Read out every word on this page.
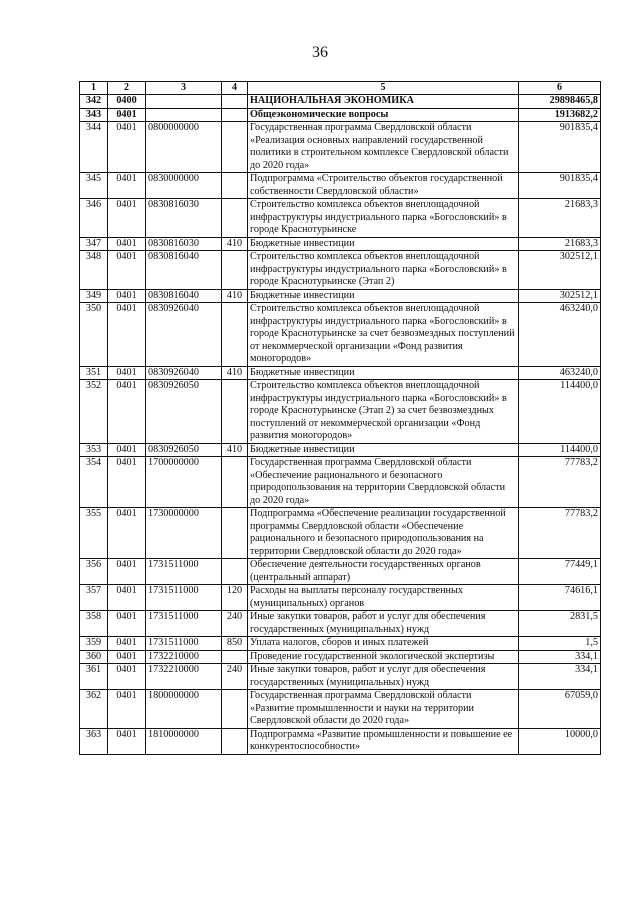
36
1	2	3	4	5	6
342	0400			НАЦИОНАЛЬНАЯ ЭКОНОМИКА	29898465,8
343	0401			Общеэкономические вопросы	1913682,2
344	0401	0800000000		Государственная программа Свердловской области «Реализация основных направлений государственной политики в строительном комплексе Свердловской области до 2020 года»	901835,4
345	0401	0830000000		Подпрограмма «Строительство объектов государственной собственности Свердловской области»	901835,4
346	0401	0830816030		Строительство комплекса объектов внеплощадочной инфраструктуры индустриального парка «Богословский» в городе Краснотурьинске	21683,3
347	0401	0830816030	410	Бюджетные инвестиции	21683,3
348	0401	0830816040		Строительство комплекса объектов внеплощадочной инфраструктуры индустриального парка «Богословский» в городе Краснотурьинске (Этап 2)	302512,1
349	0401	0830816040	410	Бюджетные инвестиции	302512,1
350	0401	0830926040		Строительство комплекса объектов внеплощадочной инфраструктуры индустриального парка «Богословский» в городе Краснотурьинске за счет безвозмездных поступлений от некоммерческой организации «Фонд развития моногородов»	463240,0
351	0401	0830926040	410	Бюджетные инвестиции	463240,0
352	0401	0830926050		Строительство комплекса объектов внеплощадочной инфраструктуры индустриального парка «Богословский» в городе Краснотурьинске (Этап 2) за счет безвозмездных поступлений от некоммерческой организации «Фонд развития моногородов»	114400,0
353	0401	0830926050	410	Бюджетные инвестиции	114400,0
354	0401	1700000000		Государственная программа Свердловской области «Обеспечение рационального и безопасного природопользования на территории Свердловской области до 2020 года»	77783,2
355	0401	1730000000		Подпрограмма «Обеспечение реализации государственной программы Свердловской области «Обеспечение рационального и безопасного природопользования на территории Свердловской области до 2020 года»	77783,2
356	0401	1731511000		Обеспечение деятельности государственных органов (центральный аппарат)	77449,1
357	0401	1731511000	120	Расходы на выплаты персоналу государственных (муниципальных) органов	74616,1
358	0401	1731511000	240	Иные закупки товаров, работ и услуг для обеспечения государственных (муниципальных) нужд	2831,5
359	0401	1731511000	850	Уплата налогов, сборов и иных платежей	1,5
360	0401	1732210000		Проведение государственной экологической экспертизы	334,1
361	0401	1732210000	240	Иные закупки товаров, работ и услуг для обеспечения государственных (муниципальных) нужд	334,1
362	0401	1800000000		Государственная программа Свердловской области «Развитие промышленности и науки на территории Свердловской области до 2020 года»	67059,0
363	0401	1810000000		Подпрограмма «Развитие промышленности и повышение ее конкурентоспособности»	10000,0
